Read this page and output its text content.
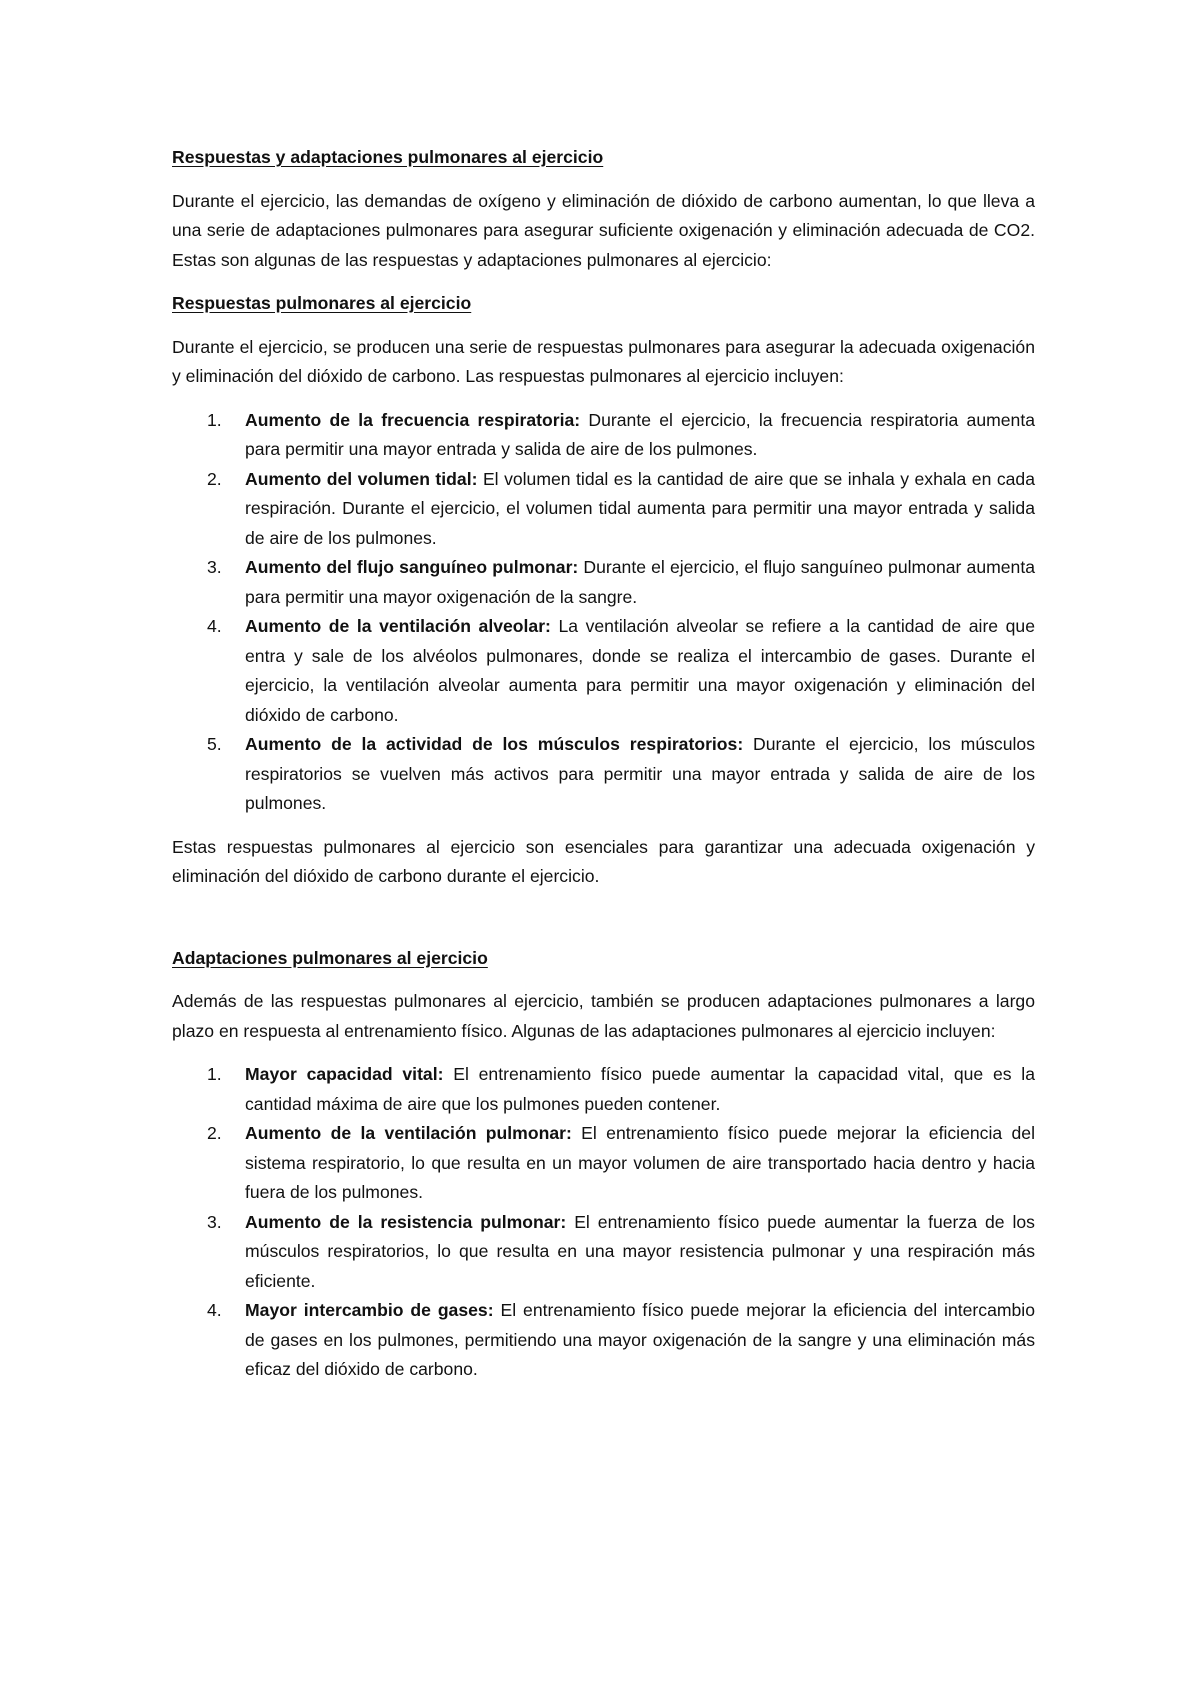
Respuestas y adaptaciones pulmonares al ejercicio
Durante el ejercicio, las demandas de oxígeno y eliminación de dióxido de carbono aumentan, lo que lleva a una serie de adaptaciones pulmonares para asegurar suficiente oxigenación y eliminación adecuada de CO2. Estas son algunas de las respuestas y adaptaciones pulmonares al ejercicio:
Respuestas pulmonares al ejercicio
Durante el ejercicio, se producen una serie de respuestas pulmonares para asegurar la adecuada oxigenación y eliminación del dióxido de carbono. Las respuestas pulmonares al ejercicio incluyen:
1. Aumento de la frecuencia respiratoria: Durante el ejercicio, la frecuencia respiratoria aumenta para permitir una mayor entrada y salida de aire de los pulmones.
2. Aumento del volumen tidal: El volumen tidal es la cantidad de aire que se inhala y exhala en cada respiración. Durante el ejercicio, el volumen tidal aumenta para permitir una mayor entrada y salida de aire de los pulmones.
3. Aumento del flujo sanguíneo pulmonar: Durante el ejercicio, el flujo sanguíneo pulmonar aumenta para permitir una mayor oxigenación de la sangre.
4. Aumento de la ventilación alveolar: La ventilación alveolar se refiere a la cantidad de aire que entra y sale de los alvéolos pulmonares, donde se realiza el intercambio de gases. Durante el ejercicio, la ventilación alveolar aumenta para permitir una mayor oxigenación y eliminación del dióxido de carbono.
5. Aumento de la actividad de los músculos respiratorios: Durante el ejercicio, los músculos respiratorios se vuelven más activos para permitir una mayor entrada y salida de aire de los pulmones.
Estas respuestas pulmonares al ejercicio son esenciales para garantizar una adecuada oxigenación y eliminación del dióxido de carbono durante el ejercicio.
Adaptaciones pulmonares al ejercicio
Además de las respuestas pulmonares al ejercicio, también se producen adaptaciones pulmonares a largo plazo en respuesta al entrenamiento físico. Algunas de las adaptaciones pulmonares al ejercicio incluyen:
1. Mayor capacidad vital: El entrenamiento físico puede aumentar la capacidad vital, que es la cantidad máxima de aire que los pulmones pueden contener.
2. Aumento de la ventilación pulmonar: El entrenamiento físico puede mejorar la eficiencia del sistema respiratorio, lo que resulta en un mayor volumen de aire transportado hacia dentro y hacia fuera de los pulmones.
3. Aumento de la resistencia pulmonar: El entrenamiento físico puede aumentar la fuerza de los músculos respiratorios, lo que resulta en una mayor resistencia pulmonar y una respiración más eficiente.
4. Mayor intercambio de gases: El entrenamiento físico puede mejorar la eficiencia del intercambio de gases en los pulmones, permitiendo una mayor oxigenación de la sangre y una eliminación más eficaz del dióxido de carbono.
